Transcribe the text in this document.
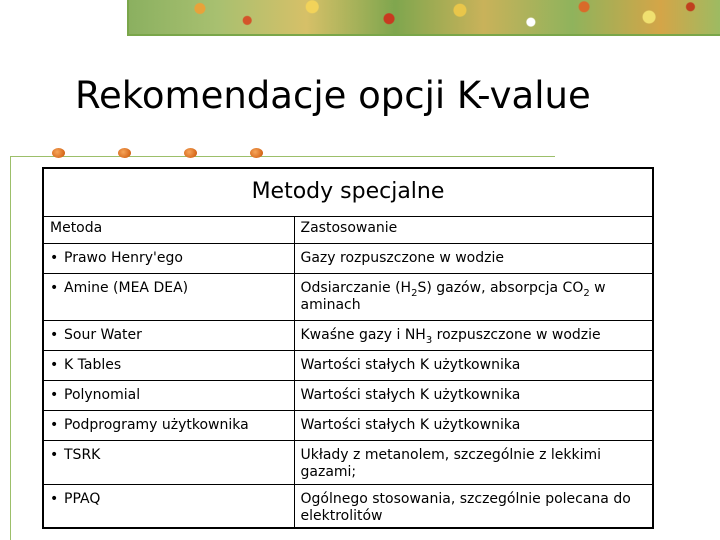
Rekomendacje opcji K-value
Metody specjalne
Metoda	Zastosowanie
• Prawo Henry'ego	Gazy rozpuszczone w wodzie
• Amine (MEA DEA)	Odsiarczanie $(H_2S)$ gazów, absorpcja $CO_2$ w aminach
• Sour Water	Kwaśne gazy i $NH_3$ rozpuszczone w wodzie
• K Tables	Wartości stałych K użytkownika
• Polynomial	Wartości stałych K użytkownika
• Podprogramy użytkownika	Wartości stałych K użytkownika
• TSRK	Układy z metanolem, szczególnie z lekkimi gazami;
• PPAQ	Ogólnego stosowania, szczególnie polecana do elektrolitów
